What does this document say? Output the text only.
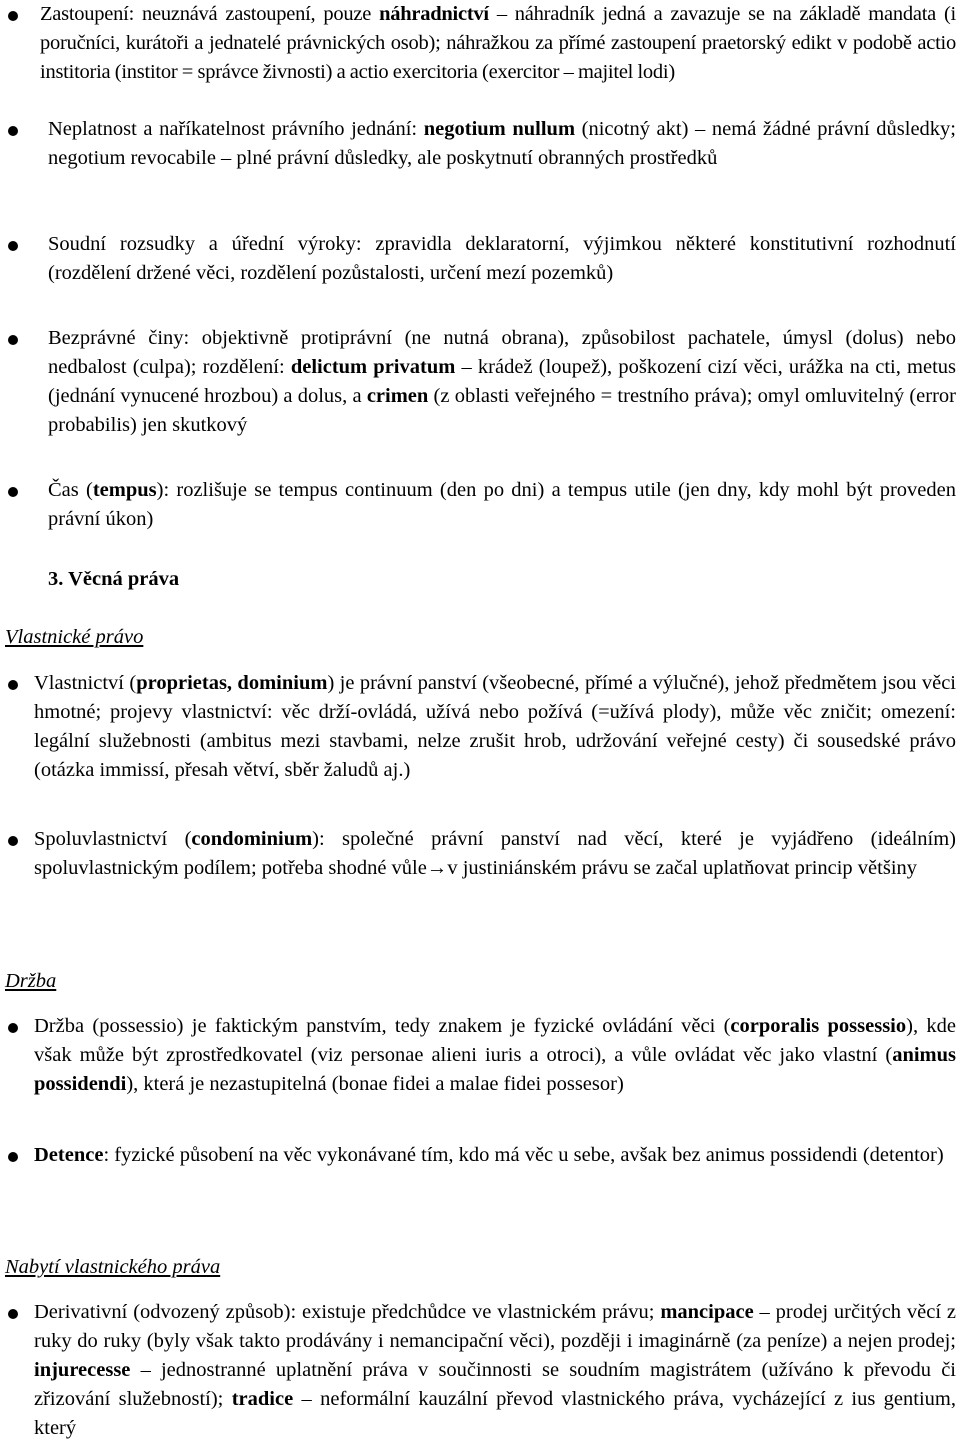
Zastoupení: neuznává zastoupení, pouze náhradnictví – náhradník jedná a zavazuje se na základě mandata (i poručníci, kurátoři a jednatelé právnických osob); náhražkou za přímé zastoupení praetorský edikt v podobě actio institoria (institor = správce živnosti) a actio exercitoria (exercitor – majitel lodi)

Neplatnost a naříkatelnost právního jednání: negotium nullum (nicotný akt) – nemá žádné právní důsledky; negotium revocabile – plné právní důsledky, ale poskytnutí obranných prostředků

Soudní rozsudky a úřední výroky: zpravidla deklaratorní, výjimkou některé konstitutivní rozhodnutí (rozdělení držené věci, rozdělení pozůstalosti, určení mezí pozemků)

Bezprávné činy: objektivně protiprávní (ne nutná obrana), způsobilost pachatele, úmysl (dolus) nebo nedbalost (culpa); rozdělení: delictum privatum – krádež (loupež), poškození cizí věci, urážka na cti, metus (jednání vynucené hrozbou) a dolus, a crimen (z oblasti veřejného = trestního práva); omyl omluvitelný (error probabilis) jen skutkový

Čas (tempus): rozlišuje se tempus continuum (den po dni) a tempus utile (jen dny, kdy mohl být proveden právní úkon)

3. Věcná práva

Vlastnické právo

Vlastnictví (proprietas, dominium) je právní panství (všeobecné, přímé a výlučné), jehož předmětem jsou věci hmotné; projevy vlastnictví: věc drží-ovládá, užívá nebo požívá (=užívá plody), může věc zničit; omezení: legální služebnosti (ambitus mezi stavbami, nelze zrušit hrob, udržování veřejné cesty) či sousedské právo (otázka immissí, přesah větví, sběr žaludů aj.)

Spoluvlastnictví (condominium): společné právní panství nad věcí, které je vyjádřeno (ideálním) spoluvlastnickým podílem; potřeba shodné vůle→v justiniánském právu se začal uplatňovat princip většiny

Držba

Držba (possessio) je faktickým panstvím, tedy znakem je fyzické ovládání věci (corporalis possessio), kde však může být zprostředkovatel (viz personae alieni iuris a otroci), a vůle ovládat věc jako vlastní (animus possidendi), která je nezastupitelná (bonae fidei a malae fidei possesor)

Detence: fyzické působení na věc vykonávané tím, kdo má věc u sebe, avšak bez animus possidendi (detentor)

Nabytí vlastnického práva

Derivativní (odvozený způsob): existuje předchůdce ve vlastnickém právu; mancipace – prodej určitých věcí z ruky do ruky (byly však takto prodávány i nemancipační věci), později i imaginárně (za peníze) a nejen prodej; injurecesse – jednostranné uplatnění práva v součinnosti se soudním magistrátem (užíváno k převodu či zřizování služebností); tradice – neformální kauzální převod vlastnického práva, vycházející z ius gentium, který
